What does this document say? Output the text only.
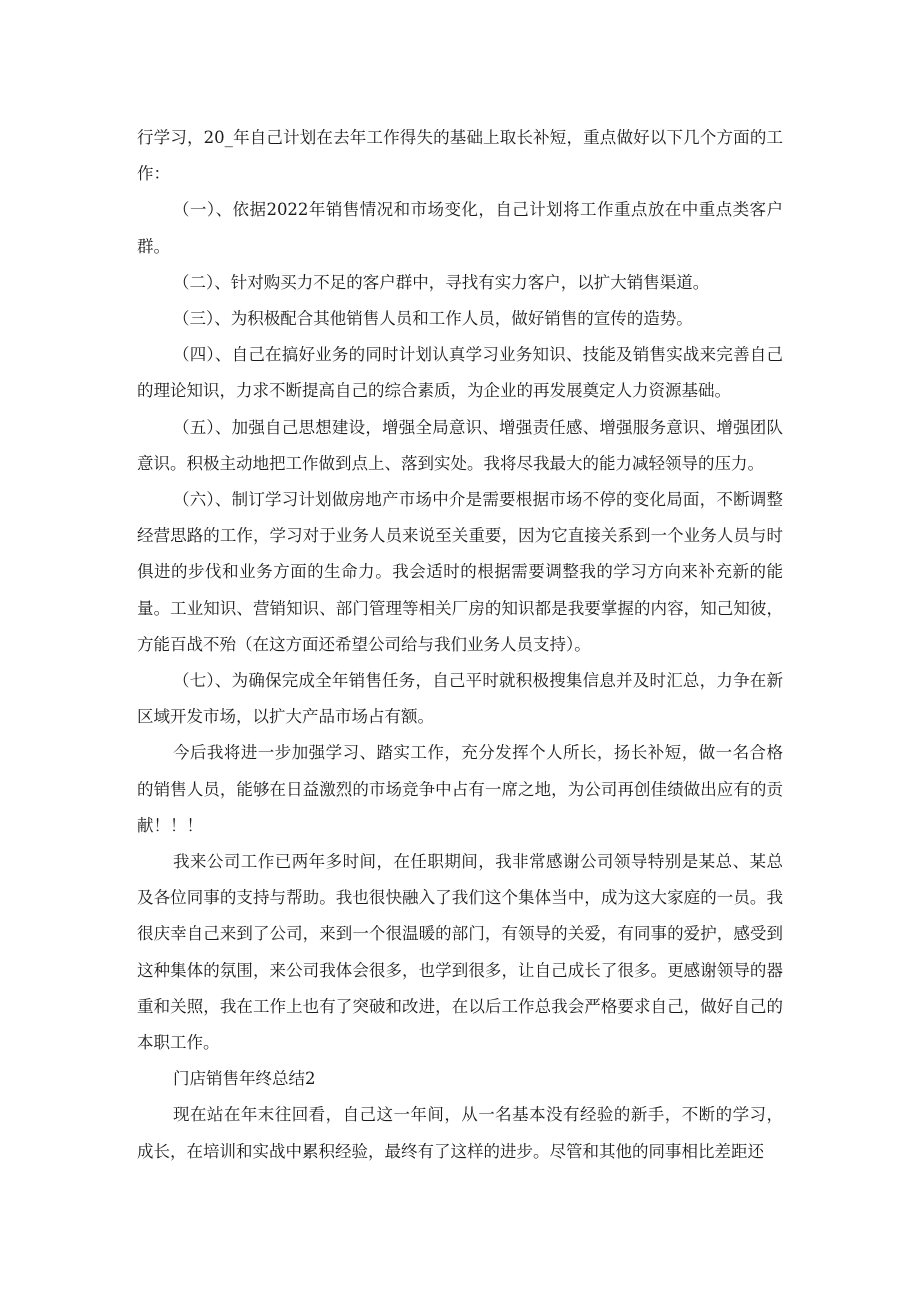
行学习，20_年自己计划在去年工作得失的基础上取长补短，重点做好以下几个方面的工作：

（一）、依据2022年销售情况和市场变化，自己计划将工作重点放在中重点类客户群。

（二）、针对购买力不足的客户群中，寻找有实力客户，以扩大销售渠道。

（三）、为积极配合其他销售人员和工作人员，做好销售的宣传的造势。

（四）、自己在搞好业务的同时计划认真学习业务知识、技能及销售实战来完善自己的理论知识，力求不断提高自己的综合素质，为企业的再发展奠定人力资源基础。

（五）、加强自己思想建设，增强全局意识、增强责任感、增强服务意识、增强团队意识。积极主动地把工作做到点上、落到实处。我将尽我最大的能力减轻领导的压力。

（六）、制订学习计划做房地产市场中介是需要根据市场不停的变化局面，不断调整经营思路的工作，学习对于业务人员来说至关重要，因为它直接关系到一个业务人员与时俱进的步伐和业务方面的生命力。我会适时的根据需要调整我的学习方向来补充新的能量。工业知识、营销知识、部门管理等相关厂房的知识都是我要掌握的内容，知己知彼，方能百战不殆（在这方面还希望公司给与我们业务人员支持）。

（七）、为确保完成全年销售任务，自己平时就积极搜集信息并及时汇总，力争在新区域开发市场，以扩大产品市场占有额。

今后我将进一步加强学习、踏实工作，充分发挥个人所长，扬长补短，做一名合格的销售人员，能够在日益激烈的市场竞争中占有一席之地，为公司再创佳绩做出应有的贡献！！！

我来公司工作已两年多时间，在任职期间，我非常感谢公司领导特别是某总、某总及各位同事的支持与帮助。我也很快融入了我们这个集体当中，成为这大家庭的一员。我很庆幸自己来到了公司，来到一个很温暖的部门，有领导的关爱，有同事的爱护，感受到这种集体的氛围，来公司我体会很多，也学到很多，让自己成长了很多。更感谢领导的器重和关照，我在工作上也有了突破和改进，在以后工作总我会严格要求自己，做好自己的本职工作。

门店销售年终总结2

现在站在年末往回看，自己这一年间，从一名基本没有经验的新手，不断的学习，成长，在培训和实战中累积经验，最终有了这样的进步。尽管和其他的同事相比差距还
